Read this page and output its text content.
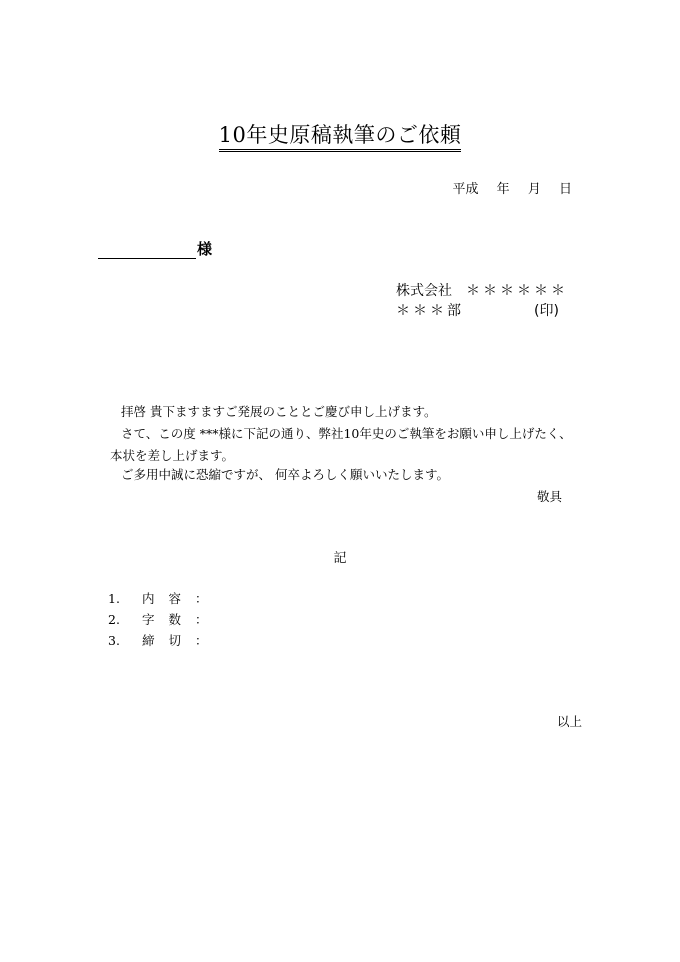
10年史原稿執筆のご依頼
平成 年 月 日
様
株式会社 ＊＊＊＊＊＊
＊＊＊部	(印)
拝啓 貴下ますますご発展のこととご慶び申し上げます。
さて、この度 ***様に下記の通り、弊社10年史のご執筆をお願い申し上げたく、
本状を差し上げます。
ご多用中誠に恐縮ですが、 何卒よろしく願いいたします。
敬具
記
1. 内 容 ：
2. 字 数 ：
3. 締 切 ：
以上
